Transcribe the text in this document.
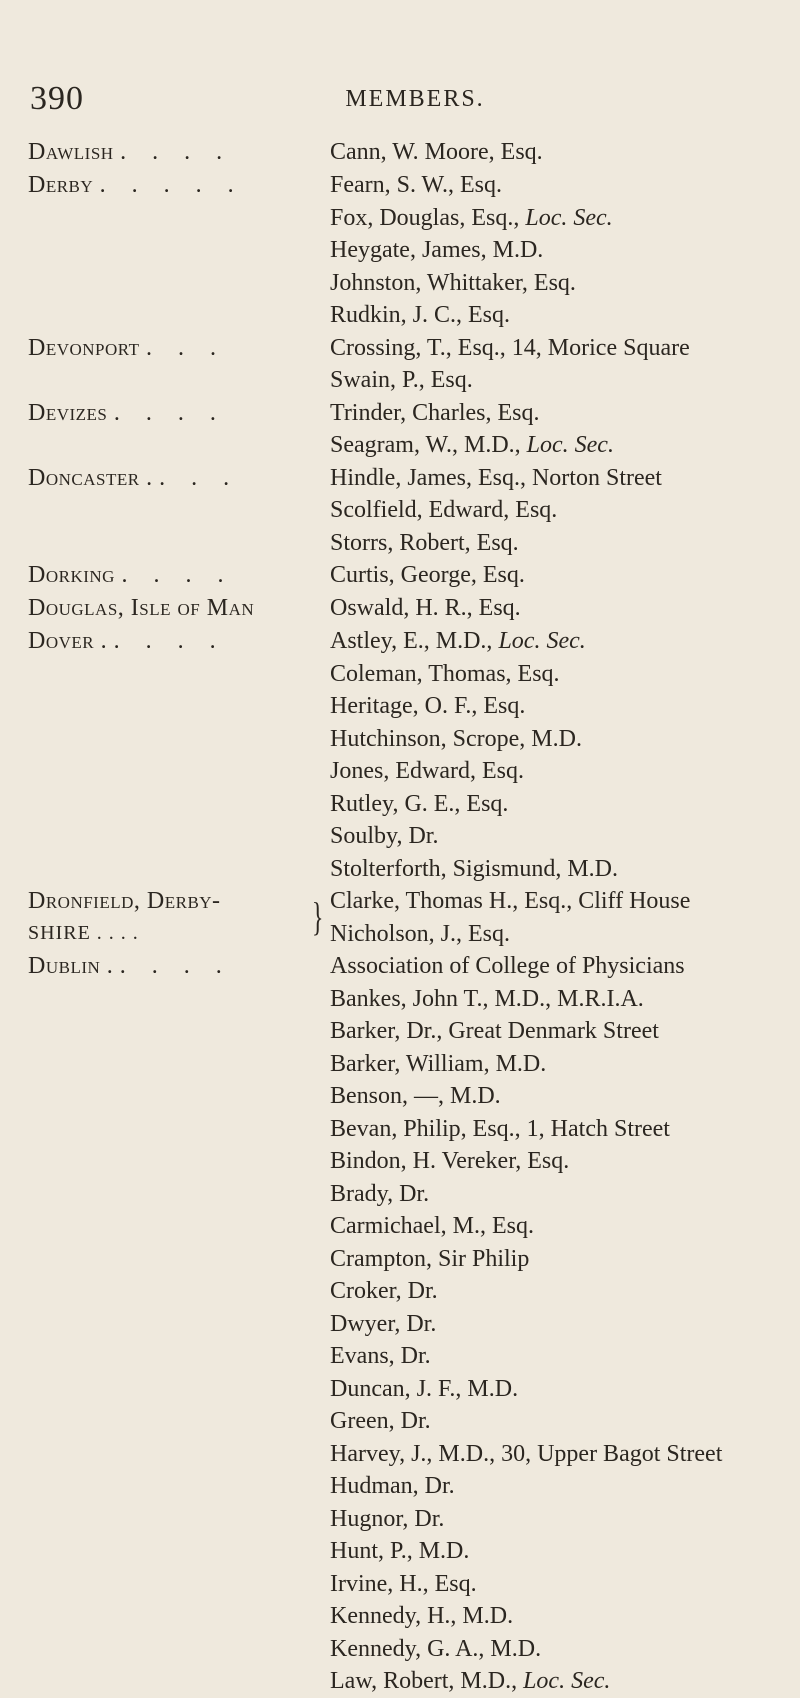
390	MEMBERS.
Dawlish . . . .	Cann, W. Moore, Esq.
Derby . . . . .	Fearn, S. W., Esq.
Fox, Douglas, Esq., Loc. Sec.
Heygate, James, M.D.
Johnston, Whittaker, Esq.
Rudkin, J. C., Esq.
Devonport . . .	Crossing, T., Esq., 14, Morice Square
Swain, P., Esq.
Devizes . . . .	Trinder, Charles, Esq.
Seagram, W., M.D., Loc. Sec.
Doncaster . . . .	Hindle, James, Esq., Norton Street
Scolfield, Edward, Esq.
Storrs, Robert, Esq.
Dorking . . . .	Curtis, George, Esq.
Douglas, Isle of Man	Oswald, H. R., Esq.
Dover . . . . .	Astley, E., M.D., Loc. Sec.
Coleman, Thomas, Esq.
Heritage, O. F., Esq.
Hutchinson, Scrope, M.D.
Jones, Edward, Esq.
Rutley, G. E., Esq.
Soulby, Dr.
Stolterforth, Sigismund, M.D.
Dronfield, Derby-
SHIRE . . . .	} Clarke, Thomas H., Esq., Cliff House
Nicholson, J., Esq.
Dublin . . . . .	Association of College of Physicians
Bankes, John T., M.D., M.R.I.A.
Barker, Dr., Great Denmark Street
Barker, William, M.D.
Benson, —, M.D.
Bevan, Philip, Esq., 1, Hatch Street
Bindon, H. Vereker, Esq.
Brady, Dr.
Carmichael, M., Esq.
Crampton, Sir Philip
Croker, Dr.
Dwyer, Dr.
Evans, Dr.
Duncan, J. F., M.D.
Green, Dr.
Harvey, J., M.D., 30, Upper Bagot Street
Hudman, Dr.
Hugnor, Dr.
Hunt, P., M.D.
Irvine, H., Esq.
Kennedy, H., M.D.
Kennedy, G. A., M.D.
Law, Robert, M.D., Loc. Sec.
